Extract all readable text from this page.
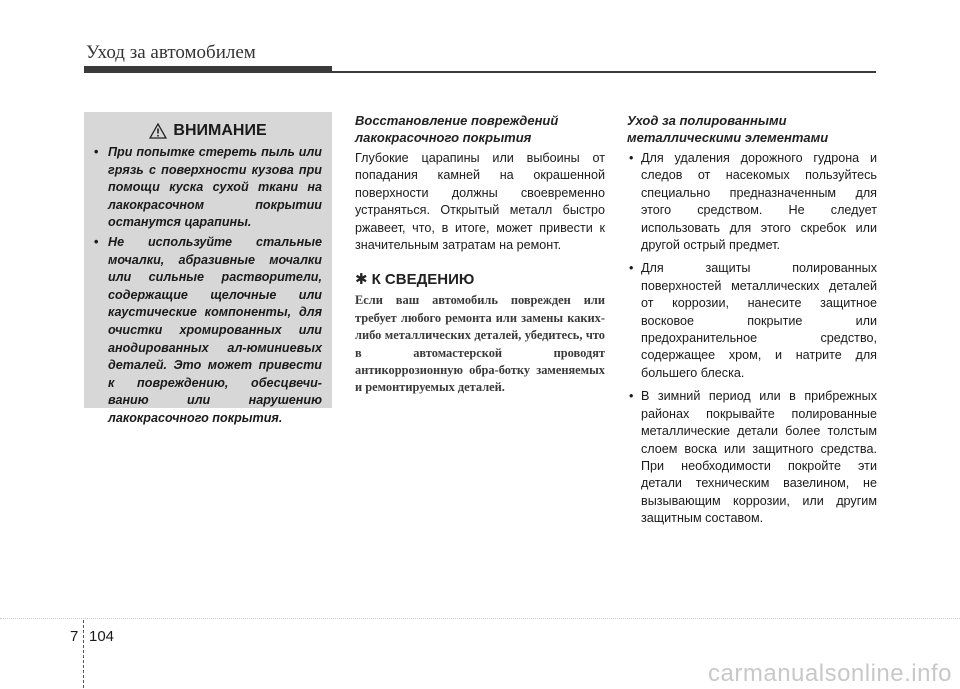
Уход за автомобилем
ВНИМАНИЕ
• При попытке стереть пыль или грязь с поверхности кузова при помощи куска сухой ткани на лакокрасочном покрытии останутся царапины.
• Не используйте стальные мочалки, абразивные мочалки или сильные растворители, содержащие щелочные или каустические компоненты, для очистки хромированных или анодированных ал-юминиевых деталей. Это может привести к повреждению, обесцвечи-ванию или нарушению лакокрасочного покрытия.
Восстановление повреждений лакокрасочного покрытия

Глубокие царапины или выбоины от попадания камней на окрашенной поверхности должны своевременно устраняться. Открытый металл быстро ржавеет, что, в итоге, может привести к значительным затратам на ремонт.

✱ К СВЕДЕНИЮ

Если ваш автомобиль поврежден или требует любого ремонта или замены каких-либо металлических деталей, убедитесь, что в автомастерской проводят антикоррозионную обра-ботку заменяемых и ремонтируемых деталей.

Уход за полированными металлическими элементами
• Для удаления дорожного гудрона и следов от насекомых пользуйтесь специально предназначенным для этого средством. Не следует использовать для этого скребок или другой острый предмет.
• Для защиты полированных поверхностей металлических деталей от коррозии, нанесите защитное восковое покрытие или предохранительное средство, содержащее хром, и натрите для большего блеска.
• В зимний период или в прибрежных районах покрывайте полированные металлические детали более толстым слоем воска или защитного средства. При необходимости покройте эти детали техническим вазелином, не вызывающим коррозии, или другим защитным составом.
7 104
carmanualsonline.info
